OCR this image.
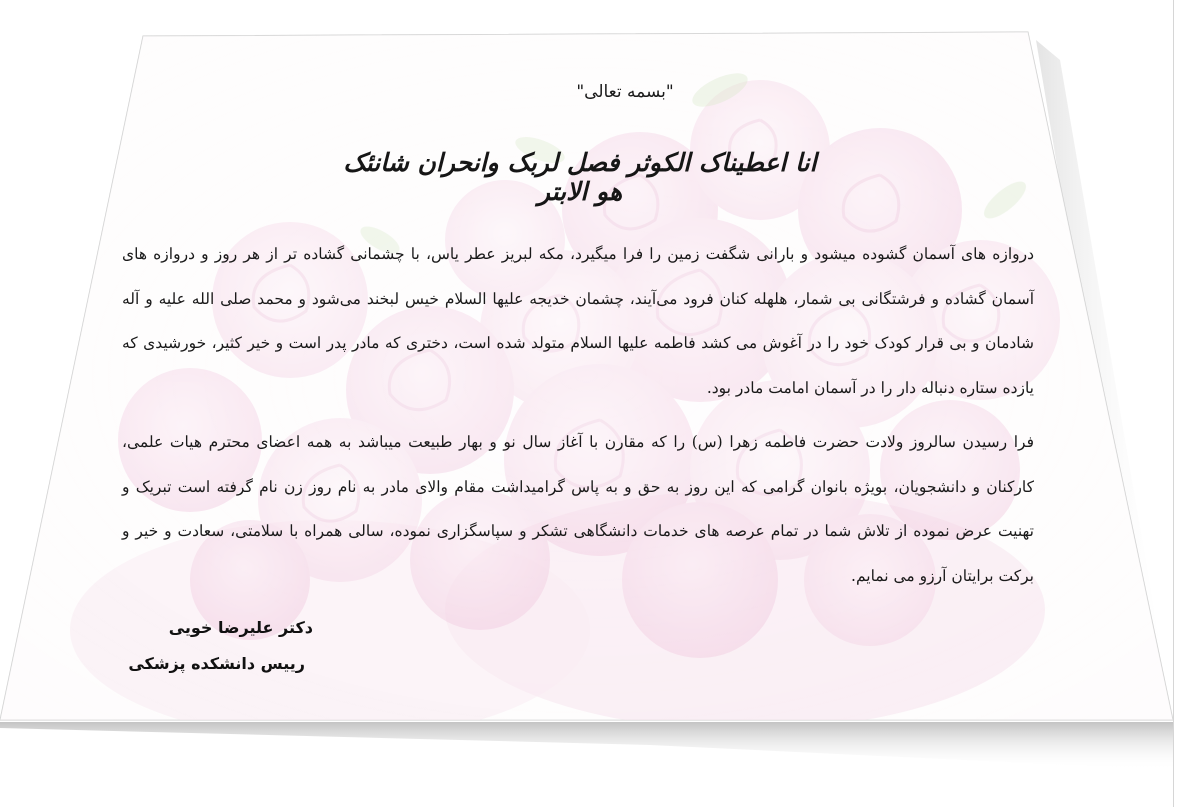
"بسمه تعالی"
انا اعطیناک الکوثر فصل لربک وانحران شانئک هو الابتر
دروازه های آسمان گشوده میشود و بارانی شگفت زمین را فرا میگیرد، مکه لبریز عطر یاس، با چشمانی گشاده تر از هر روز و دروازه های آسمان گشاده و فرشتگانی بی شمار، هلهله کنان فرود می‌آیند، چشمان خدیجه علیها السلام خیس لبخند می‌شود و محمد صلی الله علیه و آله شادمان و بی قرار کودک خود را در آغوش می کشد فاطمه علیها السلام متولد شده است، دختری که مادر پدر است و خیر کثیر، خورشیدی که یازده ستاره دنباله دار را در آسمان امامت مادر بود.
فرا رسیدن سالروز ولادت حضرت فاطمه زهرا (س) را که مقارن با آغاز سال نو و بهار طبیعت میباشد به همه اعضای محترم هیات علمی، کارکنان و دانشجویان، بویژه بانوان گرامی که این روز به حق و به پاس گرامیداشت مقام والای مادر به نام روز زن نام گرفته است تبریک و تهنیت عرض نموده از تلاش شما در تمام عرصه های خدمات دانشگاهی تشکر و سپاسگزاری نموده، سالی همراه با سلامتی، سعادت و خیر و برکت برایتان آرزو می نمایم.
دکتر علیرضا خویی
رییس دانشکده پزشکی
